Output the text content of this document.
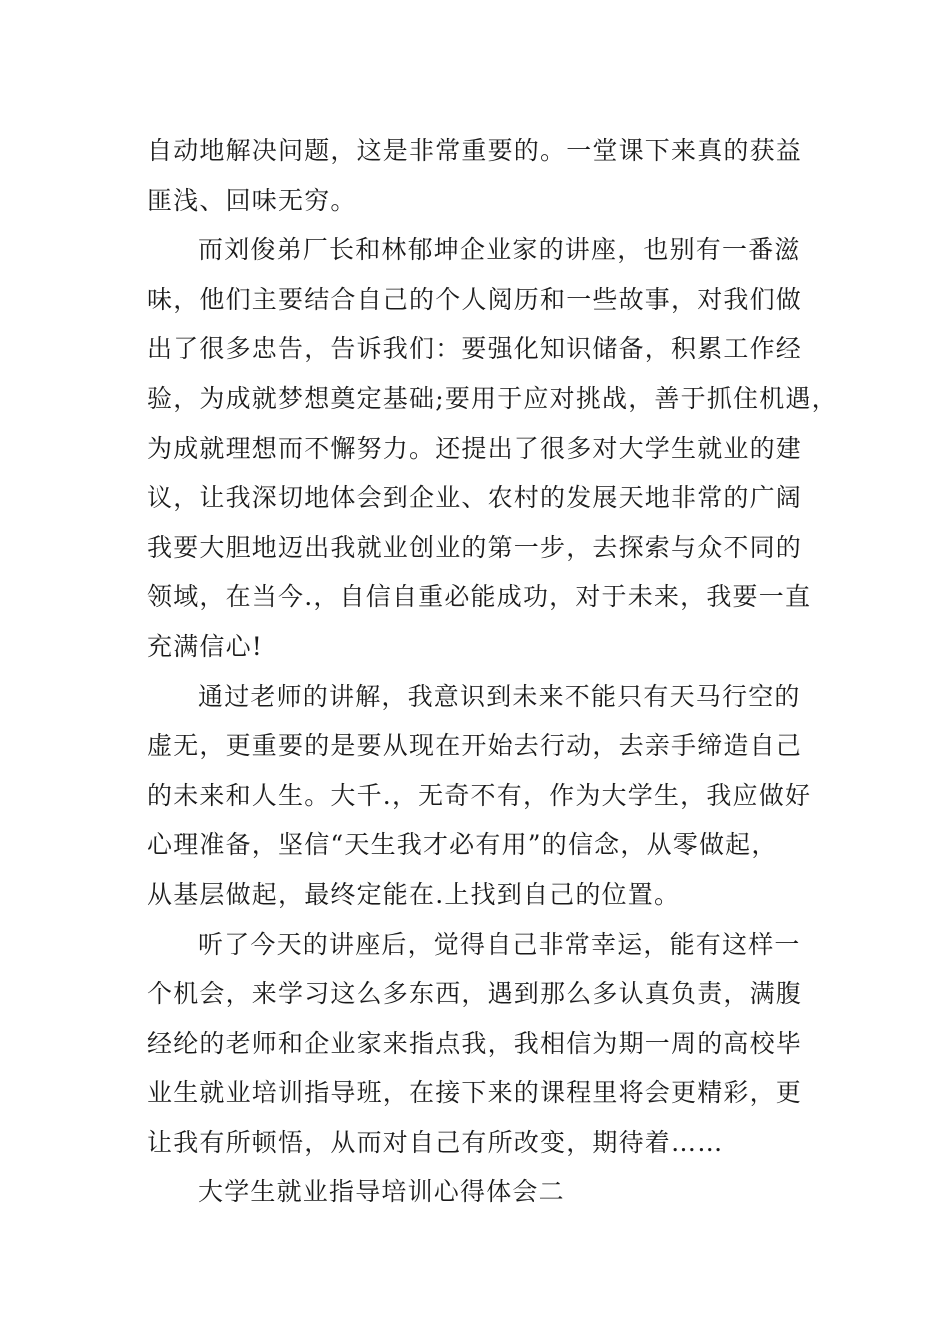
自动地解决问题，这是非常重要的。一堂课下来真的获益
匪浅、回味无穷。
而刘俊弟厂长和林郁坤企业家的讲座，也别有一番滋
味，他们主要结合自己的个人阅历和一些故事，对我们做
出了很多忠告，告诉我们：要强化知识储备，积累工作经
验，为成就梦想奠定基础;要用于应对挑战，善于抓住机遇，
为成就理想而不懈努力。还提出了很多对大学生就业的建
议，让我深切地体会到企业、农村的发展天地非常的广阔
我要大胆地迈出我就业创业的第一步，去探索与众不同的
领域，在当今.，自信自重必能成功，对于未来，我要一直
充满信心!
通过老师的讲解，我意识到未来不能只有天马行空的
虚无，更重要的是要从现在开始去行动，去亲手缔造自己
的未来和人生。大千.，无奇不有，作为大学生，我应做好
心理准备，坚信“天生我才必有用”的信念，从零做起，
从基层做起，最终定能在.上找到自己的位置。
听了今天的讲座后，觉得自己非常幸运，能有这样一
个机会，来学习这么多东西，遇到那么多认真负责，满腹
经纶的老师和企业家来指点我，我相信为期一周的高校毕
业生就业培训指导班，在接下来的课程里将会更精彩，更
让我有所顿悟，从而对自己有所改变，期待着……
大学生就业指导培训心得体会二
